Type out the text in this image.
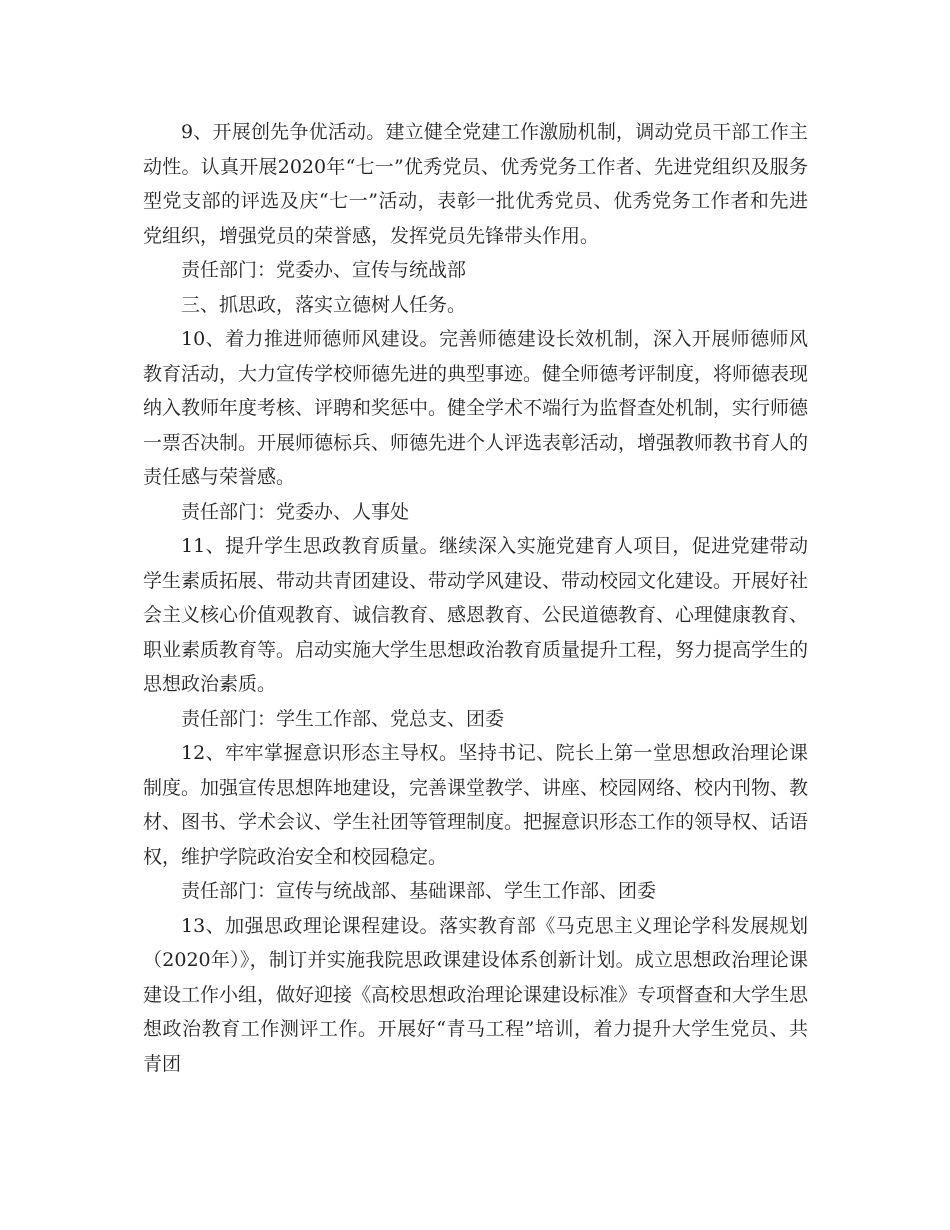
9、开展创先争优活动。建立健全党建工作激励机制，调动党员干部工作主动性。认真开展2020年“七一”优秀党员、优秀党务工作者、先进党组织及服务型党支部的评选及庆“七一”活动，表彰一批优秀党员、优秀党务工作者和先进党组织，增强党员的荣誉感，发挥党员先锋带头作用。

责任部门：党委办、宣传与统战部

三、抓思政，落实立德树人任务。

10、着力推进师德师风建设。完善师德建设长效机制，深入开展师德师风教育活动，大力宣传学校师德先进的典型事迹。健全师德考评制度，将师德表现纳入教师年度考核、评聘和奖惩中。健全学术不端行为监督查处机制，实行师德一票否决制。开展师德标兵、师德先进个人评选表彰活动，增强教师教书育人的责任感与荣誉感。

责任部门：党委办、人事处

11、提升学生思政教育质量。继续深入实施党建育人项目，促进党建带动学生素质拓展、带动共青团建设、带动学风建设、带动校园文化建设。开展好社会主义核心价值观教育、诚信教育、感恩教育、公民道德教育、心理健康教育、职业素质教育等。启动实施大学生思想政治教育质量提升工程，努力提高学生的思想政治素质。

责任部门：学生工作部、党总支、团委

12、牢牢掌握意识形态主导权。坚持书记、院长上第一堂思想政治理论课制度。加强宣传思想阵地建设，完善课堂教学、讲座、校园网络、校内刊物、教材、图书、学术会议、学生社团等管理制度。把握意识形态工作的领导权、话语权，维护学院政治安全和校园稳定。

责任部门：宣传与统战部、基础课部、学生工作部、团委

13、加强思政理论课程建设。落实教育部《马克思主义理论学科发展规划（2020年）》，制订并实施我院思政课建设体系创新计划。成立思想政治理论课建设工作小组，做好迎接《高校思想政治理论课建设标准》专项督查和大学生思想政治教育工作测评工作。开展好“青马工程”培训，着力提升大学生党员、共青团
